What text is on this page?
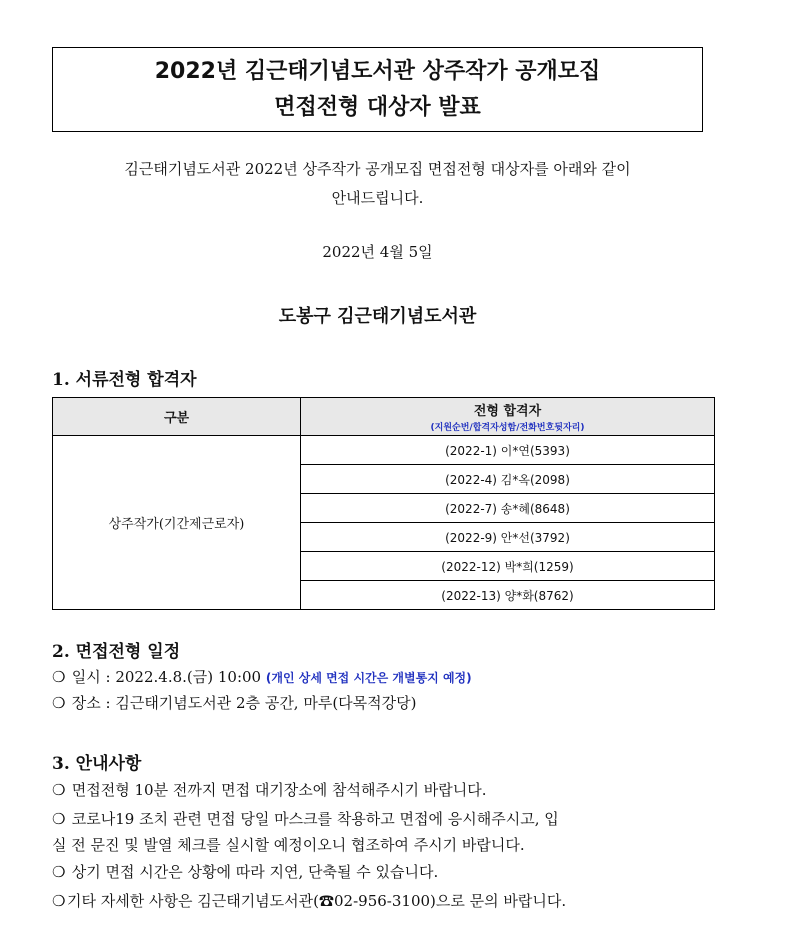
2022년 김근태기념도서관 상주작가 공개모집
면접전형 대상자 발표
김근태기념도서관 2022년 상주작가 공개모집 면접전형 대상자를 아래와 같이
안내드립니다.
2022년 4월 5일
도봉구 김근태기념도서관
1. 서류전형 합격자
구분	전형 합격자
(지원순번/합격자성함/전화번호뒷자리)

상주작가(기간제근로자)	(2022-1) 이*연(5393)
	(2022-4) 김*옥(2098)
	(2022-7) 송*혜(8648)
	(2022-9) 안*선(3792)
	(2022-12) 박*희(1259)
	(2022-13) 양*화(8762)
2. 면접전형 일정
❍ 일시 : 2022.4.8.(금) 10:00 (개인 상세 면접 시간은 개별통지 예정)
❍ 장소 : 김근태기념도서관 2층 공간, 마루(다목적강당)
3. 안내사항
❍ 면접전형 10분 전까지 면접 대기장소에 참석해주시기 바랍니다.
❍ 코로나19 조치 관련 면접 당일 마스크를 착용하고 면접에 응시해주시고, 입
실 전 문진 및 발열 체크를 실시할 예정이오니 협조하여 주시기 바랍니다.
❍ 상기 면접 시간은 상황에 따라 지연, 단축될 수 있습니다.
❍ 기타 자세한 사항은 김근태기념도서관(☎02-956-3100)으로 문의 바랍니다.
